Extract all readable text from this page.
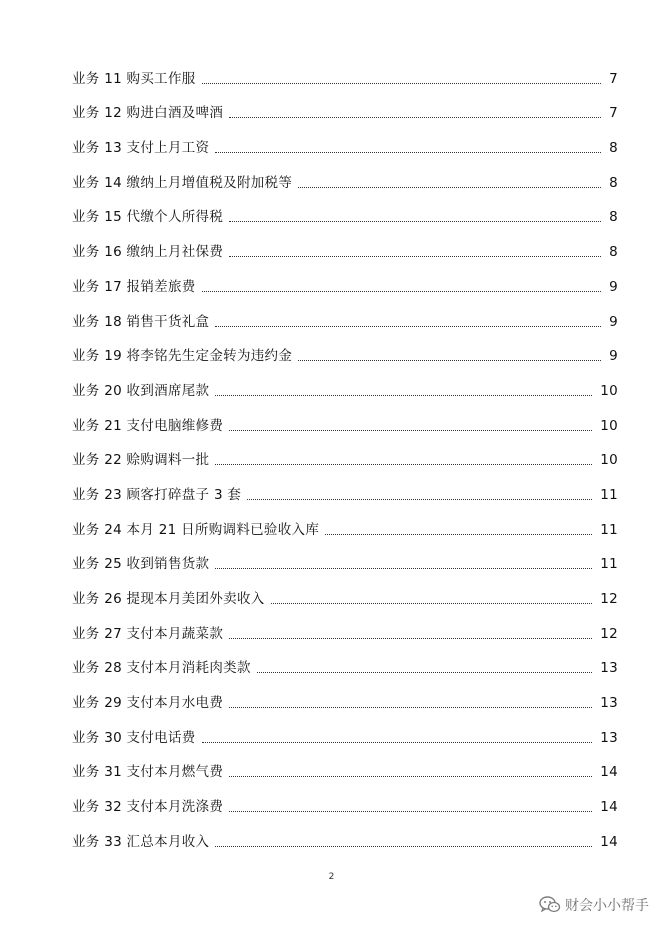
业务 11 购买工作服	7
业务 12 购进白酒及啤酒	7
业务 13 支付上月工资	8
业务 14 缴纳上月增值税及附加税等	8
业务 15 代缴个人所得税	8
业务 16 缴纳上月社保费	8
业务 17 报销差旅费	9
业务 18 销售干货礼盒	9
业务 19 将李铭先生定金转为违约金	9
业务 20 收到酒席尾款	10
业务 21 支付电脑维修费	10
业务 22 赊购调料一批	10
业务 23 顾客打碎盘子 3 套	11
业务 24 本月 21 日所购调料已验收入库	11
业务 25 收到销售货款	11
业务 26 提现本月美团外卖收入	12
业务 27 支付本月蔬菜款	12
业务 28 支付本月消耗肉类款	13
业务 29 支付本月水电费	13
业务 30 支付电话费	13
业务 31 支付本月燃气费	14
业务 32 支付本月洗涤费	14
业务 33 汇总本月收入	14
2
财会小小帮手
